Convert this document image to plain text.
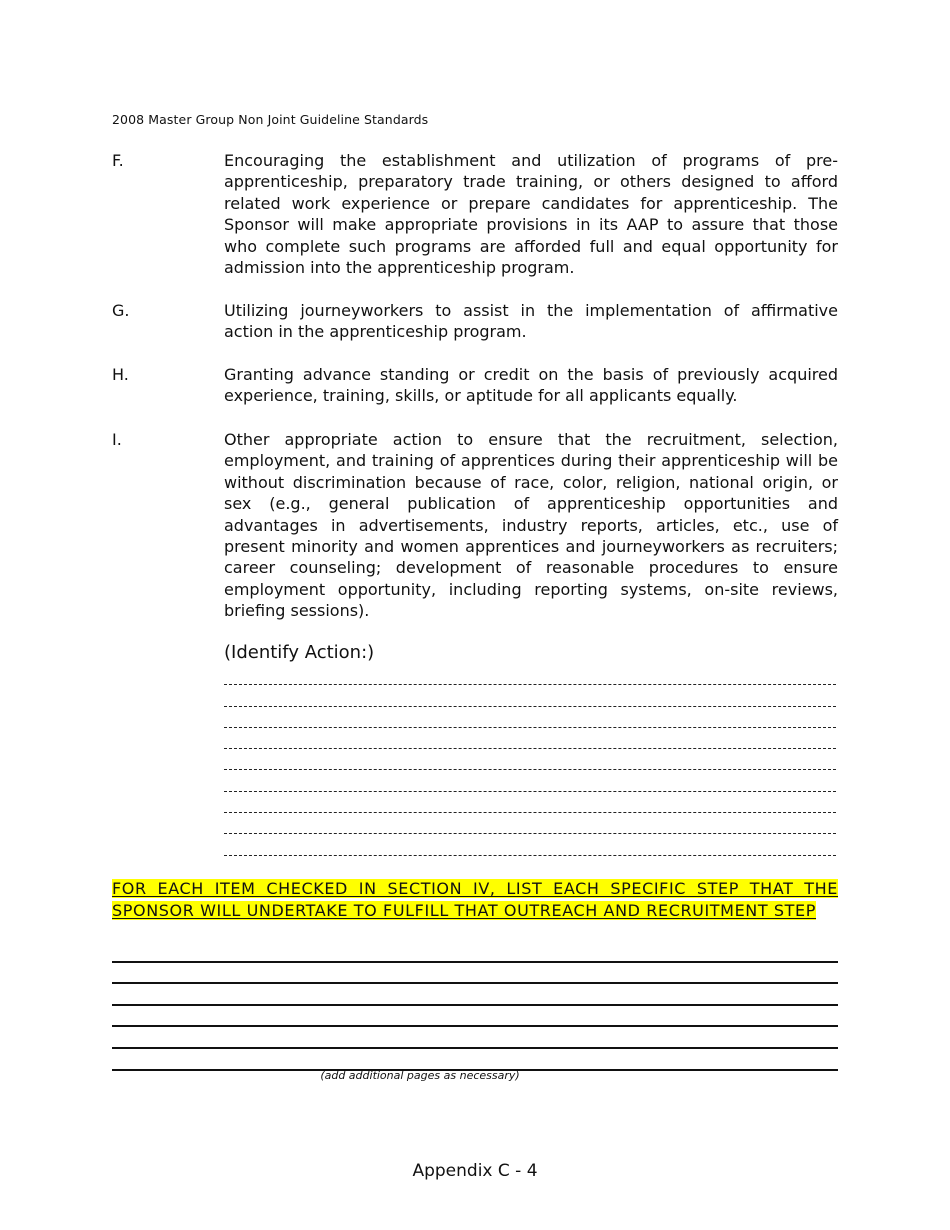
2008 Master Group Non Joint Guideline Standards
F.	Encouraging the establishment and utilization of programs of pre-apprenticeship, preparatory trade training, or others designed to afford related work experience or prepare candidates for apprenticeship. The Sponsor will make appropriate provisions in its AAP to assure that those who complete such programs are afforded full and equal opportunity for admission into the apprenticeship program.
G.	Utilizing journeyworkers to assist in the implementation of affirmative action in the apprenticeship program.
H.	Granting advance standing or credit on the basis of previously acquired experience, training, skills, or aptitude for all applicants equally.
I.	Other appropriate action to ensure that the recruitment, selection, employment, and training of apprentices during their apprenticeship will be without discrimination because of race, color, religion, national origin, or sex (e.g., general publication of apprenticeship opportunities and advantages in advertisements, industry reports, articles, etc., use of present minority and women apprentices and journeyworkers as recruiters; career counseling; development of reasonable procedures to ensure employment opportunity, including reporting systems, on-site reviews, briefing sessions).
(Identify Action:)
FOR EACH ITEM CHECKED IN SECTION IV, LIST EACH SPECIFIC STEP THAT THE SPONSOR WILL UNDERTAKE TO FULFILL THAT OUTREACH AND RECRUITMENT STEP
(add additional pages as necessary)
Appendix C - 4
